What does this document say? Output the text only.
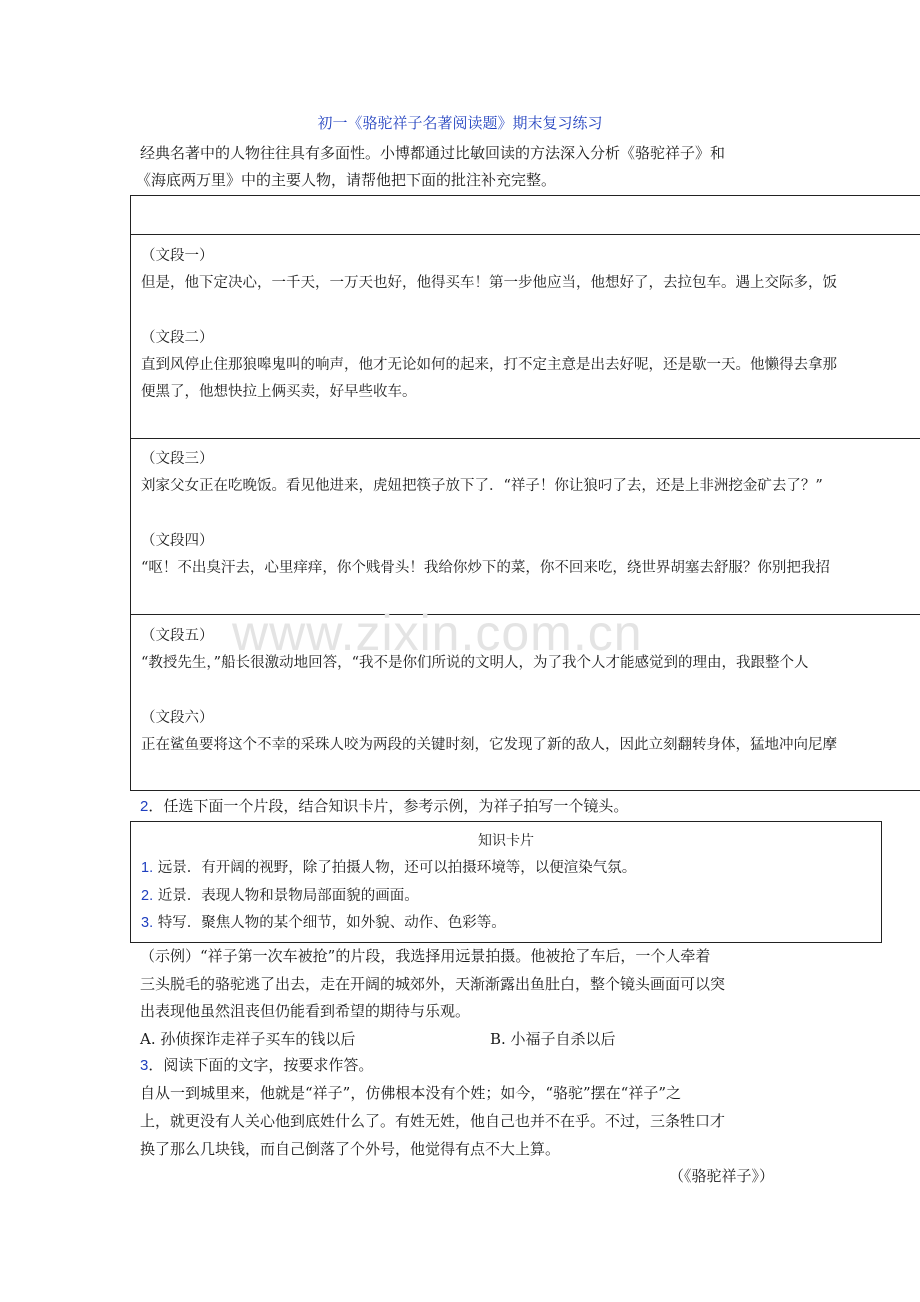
初一《骆驼祥子名著阅读题》期末复习练习
经典名著中的人物往往具有多面性。小博都通过比敏回读的方法深入分析《骆驼祥子》和
《海底两万里》中的主要人物，请帮他把下面的批注补充完整。
（文段一）
但是，他下定决心，一千天，一万天也好，他得买车！第一步他应当，他想好了，去拉包车。遇上交际多，饭
（文段二）
直到风停止住那狼嗥鬼叫的响声，他才无论如何的起来，打不定主意是出去好呢，还是歇一天。他懒得去拿那
便黑了，他想快拉上俩买卖，好早些收车。
（文段三）
刘家父女正在吃晚饭。看见他进来，虎妞把筷子放下了．“祥子！你让狼叼了去，还是上非洲挖金矿去了？”
（文段四）
“呕！不出臭汗去，心里痒痒，你个贱骨头！我给你炒下的菜，你不回来吃，绕世界胡塞去舒服？你别把我招
（文段五）
“教授先生，”船长很激动地回答，“我不是你们所说的文明人，为了我个人才能感觉到的理由，我跟整个人
（文段六）
正在鲨鱼要将这个不幸的采珠人咬为两段的关键时刻，它发现了新的敌人，因此立刻翻转身体，猛地冲向尼摩
www.zixin.com.cn
2．任选下面一个片段，结合知识卡片，参考示例，为祥子拍写一个镜头。
知识卡片
1. 远景．有开阔的视野，除了拍摄人物，还可以拍摄环境等，以便渲染气氛。
2. 近景．表现人物和景物局部面貌的画面。
3. 特写．聚焦人物的某个细节，如外貌、动作、色彩等。
（示例）“祥子第一次车被抢”的片段，我选择用远景拍摄。他被抢了车后，一个人牵着
三头脱毛的骆驼逃了出去，走在开阔的城郊外，天渐渐露出鱼肚白，整个镜头画面可以突
出表现他虽然沮丧但仍能看到希望的期待与乐观。
A. 孙侦探诈走祥子买车的钱以后	B. 小福子自杀以后
3．阅读下面的文字，按要求作答。
自从一到城里来，他就是“祥子”，仿佛根本没有个姓；如今，“骆驼”摆在“祥子”之
上，就更没有人关心他到底姓什么了。有姓无姓，他自己也并不在乎。不过，三条牲口才
换了那么几块钱，而自己倒落了个外号，他觉得有点不大上算。
（《骆驼祥子》）
